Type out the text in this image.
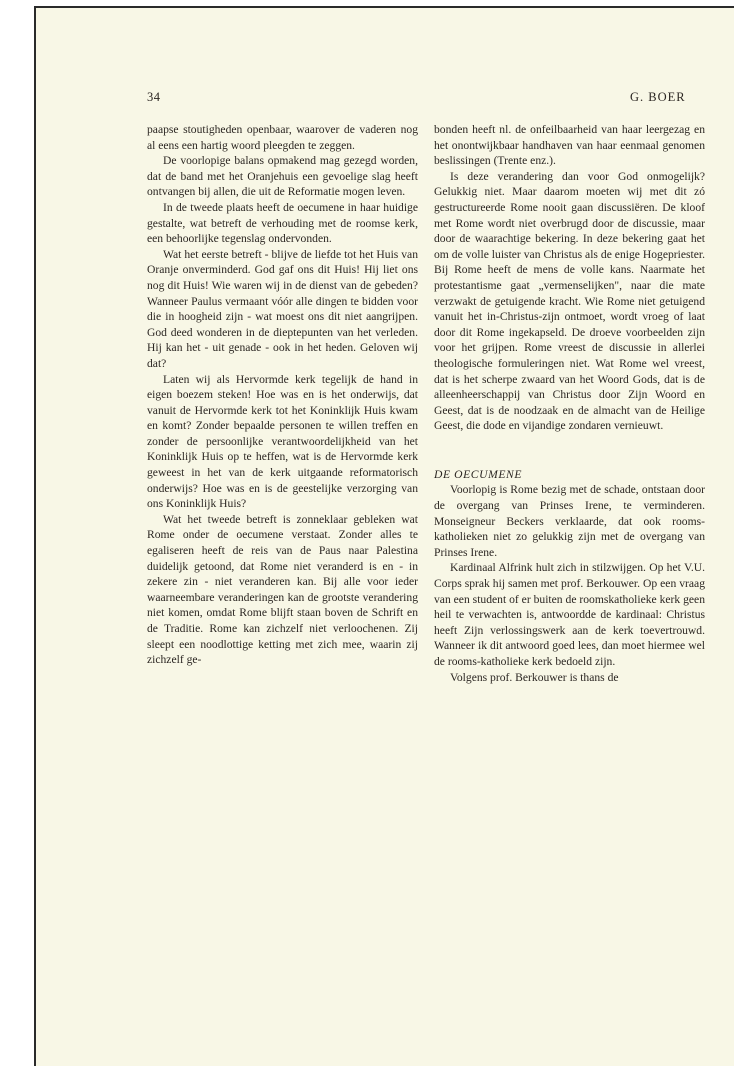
34	G. BOER

paapse stoutigheden openbaar, waarover de vaderen nog al eens een hartig woord pleegden te zeggen.

De voorlopige balans opmakend mag gezegd worden, dat de band met het Oranjehuis een gevoelige slag heeft ontvangen bij allen, die uit de Reformatie mogen leven.

In de tweede plaats heeft de oecumene in haar huidige gestalte, wat betreft de verhouding met de roomse kerk, een behoorlijke tegenslag ondervonden.

Wat het eerste betreft - blijve de liefde tot het Huis van Oranje onverminderd. God gaf ons dit Huis! Hij liet ons nog dit Huis! Wie waren wij in de dienst van de gebeden? Wanneer Paulus vermaant vóór alle dingen te bidden voor die in hoogheid zijn - wat moest ons dit niet aangrijpen. God deed wonderen in de dieptepunten van het verleden. Hij kan het - uit genade - ook in het heden. Geloven wij dat?

Laten wij als Hervormde kerk tegelijk de hand in eigen boezem steken! Hoe was en is het onderwijs, dat vanuit de Hervormde kerk tot het Koninklijk Huis kwam en komt? Zonder bepaalde personen te willen treffen en zonder de persoonlijke verantwoordelijkheid van het Koninklijk Huis op te heffen, wat is de Hervormde kerk geweest in het van de kerk uitgaande reformatorisch onderwijs? Hoe was en is de geestelijke verzorging van ons Koninklijk Huis?

Wat het tweede betreft is zonneklaar gebleken wat Rome onder de oecumene verstaat. Zonder alles te egaliseren heeft de reis van de Paus naar Palestina duidelijk getoond, dat Rome niet veranderd is en - in zekere zin - niet veranderen kan. Bij alle voor ieder waarneembare veranderingen kan de grootste verandering niet komen, omdat Rome blijft staan boven de Schrift en de Traditie. Rome kan zichzelf niet verloochenen. Zij sleept een noodlottige ketting met zich mee, waarin zij zichzelf ge-

bonden heeft nl. de onfeilbaarheid van haar leergezag en het onontwijkbaar handhaven van haar eenmaal genomen beslissingen (Trente enz.).

Is deze verandering dan voor God onmogelijk? Gelukkig niet. Maar daarom moeten wij met dit zó gestructureerde Rome nooit gaan discussiëren. De kloof met Rome wordt niet overbrugd door de discussie, maar door de waarachtige bekering. In deze bekering gaat het om de volle luister van Christus als de enige Hogepriester. Bij Rome heeft de mens de volle kans. Naarmate het protestantisme gaat „vermenselijken", naar die mate verzwakt de getuigende kracht. Wie Rome niet getuigend vanuit het in-Christus-zijn ontmoet, wordt vroeg of laat door dit Rome ingekapseld. De droeve voorbeelden zijn voor het grijpen. Rome vreest de discussie in allerlei theologische formuleringen niet. Wat Rome wel vreest, dat is het scherpe zwaard van het Woord Gods, dat is de alleenheerschappij van Christus door Zijn Woord en Geest, dat is de noodzaak en de almacht van de Heilige Geest, die dode en vijandige zondaren vernieuwt.

DE OECUMENE

Voorlopig is Rome bezig met de schade, ontstaan door de overgang van Prinses Irene, te verminderen. Monseigneur Beckers verklaarde, dat ook rooms-katholieken niet zo gelukkig zijn met de overgang van Prinses Irene.

Kardinaal Alfrink hult zich in stilzwijgen. Op het V.U. Corps sprak hij samen met prof. Berkouwer. Op een vraag van een student of er buiten de roomskatholieke kerk geen heil te verwachten is, antwoordde de kardinaal: Christus heeft Zijn verlossingswerk aan de kerk toevertrouwd. Wanneer ik dit antwoord goed lees, dan moet hiermee wel de rooms-katholieke kerk bedoeld zijn.

Volgens prof. Berkouwer is thans de
